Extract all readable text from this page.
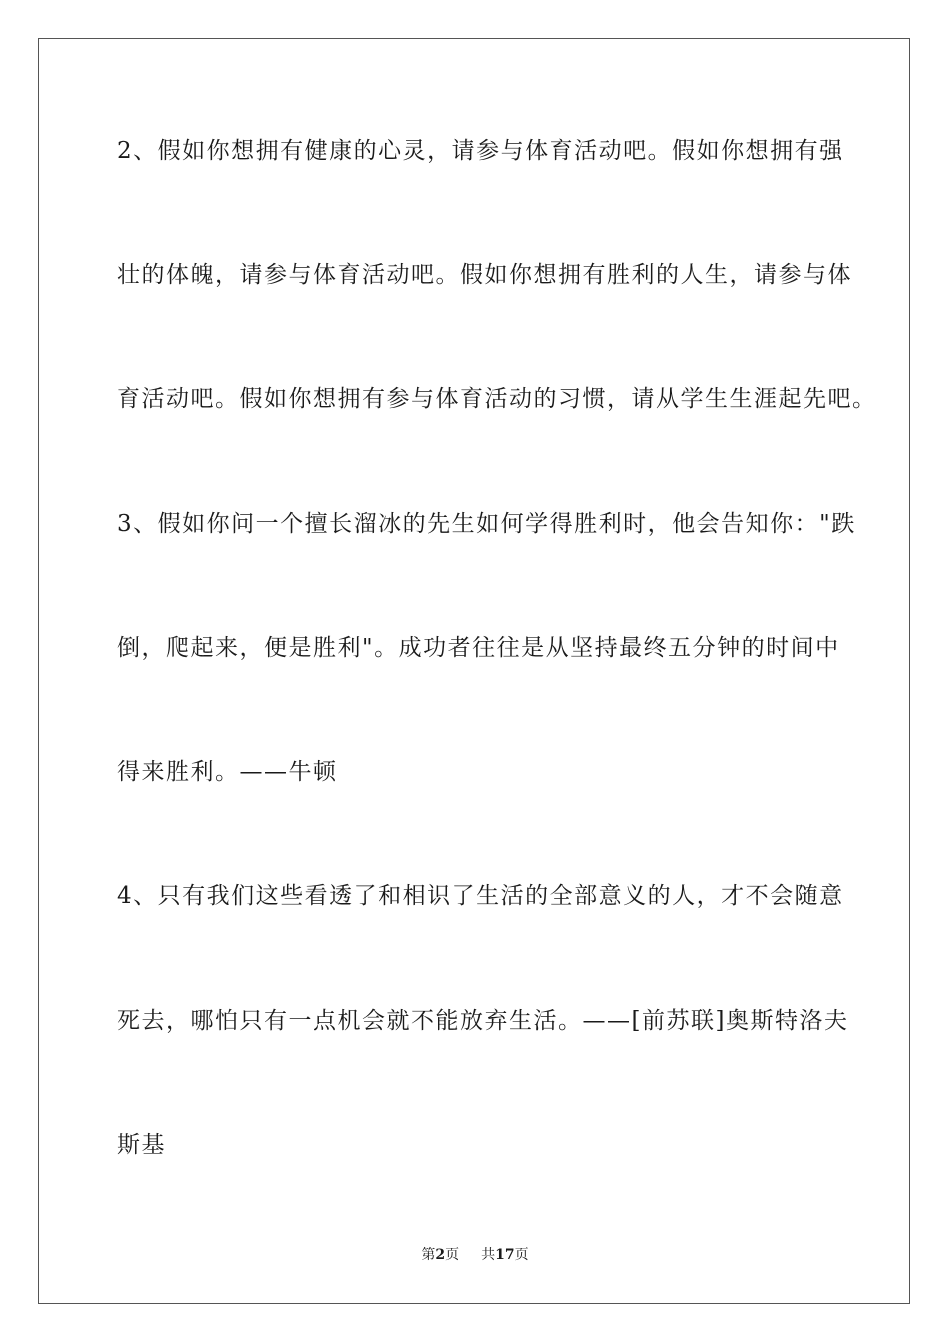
2、假如你想拥有健康的心灵，请参与体育活动吧。假如你想拥有强
壮的体魄，请参与体育活动吧。假如你想拥有胜利的人生，请参与体
育活动吧。假如你想拥有参与体育活动的习惯，请从学生生涯起先吧。
3、假如你问一个擅长溜冰的先生如何学得胜利时，他会告知你："跌
倒，爬起来，便是胜利"。成功者往往是从坚持最终五分钟的时间中
得来胜利。——牛顿
4、只有我们这些看透了和相识了生活的全部意义的人，才不会随意
死去，哪怕只有一点机会就不能放弃生活。——[前苏联]奥斯特洛夫
斯基
第2页 共17页
